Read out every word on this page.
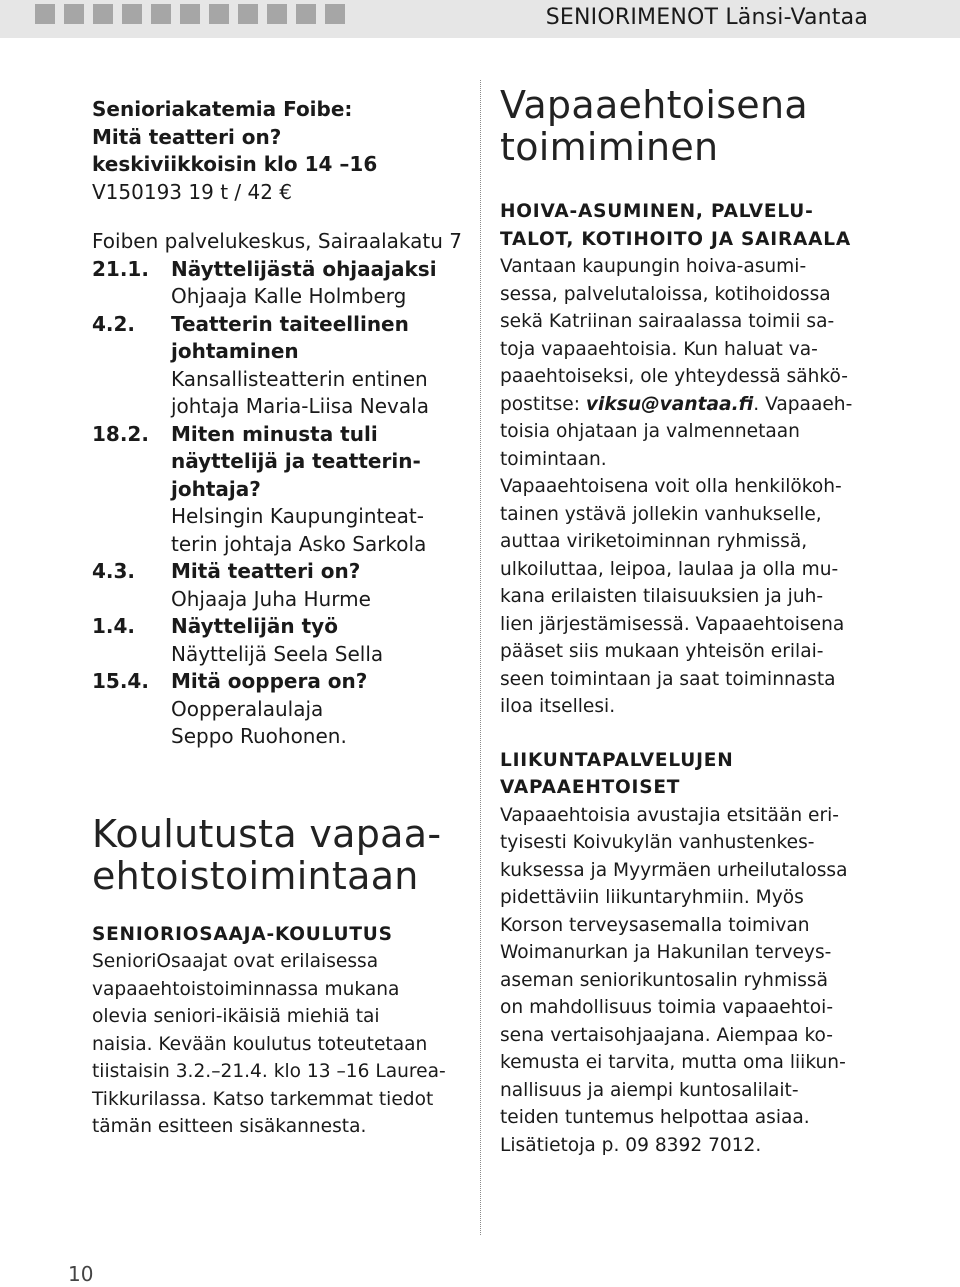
SENIORIMENOT Länsi-Vantaa

Senioriakatemia Foibe:

Mitä teatteri on?

keskiviikkoisin klo 14 –16

V150193 19 t / 42 €

Foiben palvelukeskus, Sairaalakatu 7

21.1.	Näyttelijästä ohjaajaksi

Ohjaaja Kalle Holmberg

4.2.	Teatterin taiteellinen

johtaminen

Kansallisteatterin entinen

johtaja Maria-Liisa Nevala

18.2.	Miten minusta tuli

näyttelijä ja teatterin-

johtaja?

Helsingin Kaupunginteat-

terin johtaja Asko Sarkola

4.3.	Mitä teatteri on?

Ohjaaja Juha Hurme

1.4.	Näyttelijän työ

Näyttelijä Seela Sella

15.4.	Mitä ooppera on?

Oopperalaulaja

Seppo Ruohonen.

Koulutusta vapaa-

ehtoistoimintaan

SENIORIOSAAJA-KOULUTUS

SenioriOsaajat ovat erilaisessa

vapaaehtoistoiminnassa mukana

olevia seniori-ikäisiä miehiä tai

naisia. Kevään koulutus toteutetaan

tiistaisin 3.2.–21.4. klo 13 –16 Laurea-

Tikkurilassa. Katso tarkemmat tiedot

tämän esitteen sisäkannesta.

Vapaaehtoisena

toimiminen

HOIVA-ASUMINEN, PALVELU-

TALOT, KOTIHOITO JA SAIRAALA

Vantaan kaupungin hoiva-asumi-

sessa, palvelutaloissa, kotihoidossa

sekä Katriinan sairaalassa toimii sa-

toja vapaaehtoisia. Kun haluat va-

paaehtoiseksi, ole yhteydessä sähkö-

postitse: viksu@vantaa.fi. Vapaaeh-

toisia ohjataan ja valmennetaan

toimintaan.

Vapaaehtoisena voit olla henkilökoh-

tainen ystävä jollekin vanhukselle,

auttaa viriketoiminnan ryhmissä,

ulkoiluttaa, leipoa, laulaa ja olla mu-

kana erilaisten tilaisuuksien ja juh-

lien järjestämisessä. Vapaaehtoisena

pääset siis mukaan yhteisön erilai-

seen toimintaan ja saat toiminnasta

iloa itsellesi.

LIIKUNTAPALVELUJEN

VAPAAEHTOISET

Vapaaehtoisia avustajia etsitään eri-

tyisesti Koivukylän vanhustenkes-

kuksessa ja Myyrmäen urheilutalossa

pidettäviin liikuntaryhmiin. Myös

Korson terveysasemalla toimivan

Woimanurkan ja Hakunilan terveys-

aseman seniorikuntosalin ryhmissä

on mahdollisuus toimia vapaaehtoi-

sena vertaisohjaajana. Aiempaa ko-

kemusta ei tarvita, mutta oma liikun-

nallisuus ja aiempi kuntosalilait-

teiden tuntemus helpottaa asiaa.

Lisätietoja p. 09 8392 7012.

10
